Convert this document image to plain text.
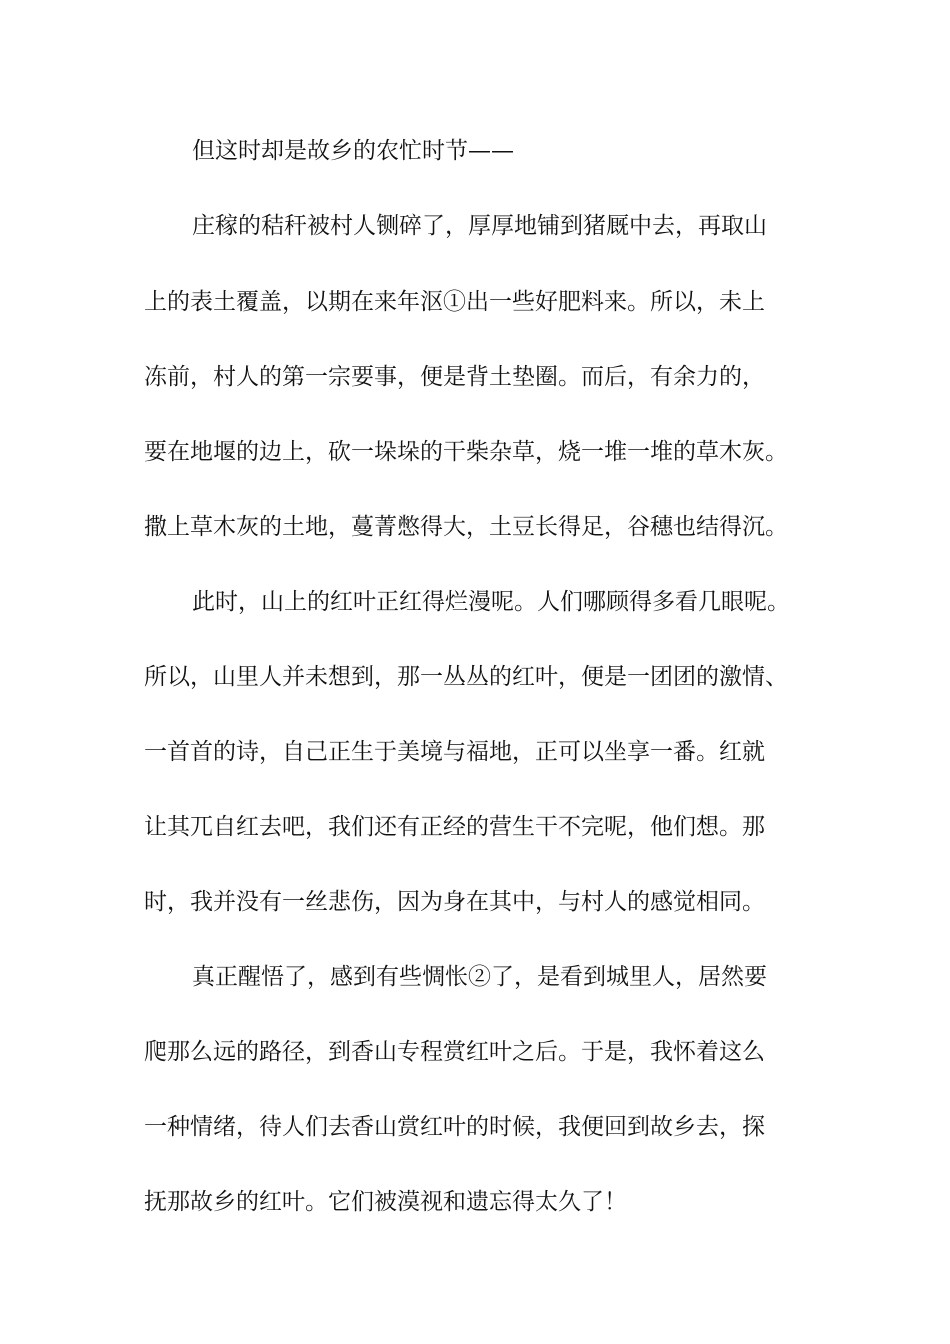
但这时却是故乡的农忙时节——
庄稼的秸秆被村人铡碎了，厚厚地铺到猪厩中去，再取山
上的表土覆盖，以期在来年沤①出一些好肥料来。所以，未上
冻前，村人的第一宗要事，便是背土垫圈。而后，有余力的，
要在地堰的边上，砍一垛垛的干柴杂草，烧一堆一堆的草木灰。
撒上草木灰的土地，蔓菁憋得大，土豆长得足，谷穗也结得沉。
此时，山上的红叶正红得烂漫呢。人们哪顾得多看几眼呢。
所以，山里人并未想到，那一丛丛的红叶，便是一团团的激情、
一首首的诗，自己正生于美境与福地，正可以坐享一番。红就
让其兀自红去吧，我们还有正经的营生干不完呢，他们想。那
时，我并没有一丝悲伤，因为身在其中，与村人的感觉相同。
真正醒悟了，感到有些惆怅②了，是看到城里人，居然要
爬那么远的路径，到香山专程赏红叶之后。于是，我怀着这么
一种情绪，待人们去香山赏红叶的时候，我便回到故乡去，探
抚那故乡的红叶。它们被漠视和遗忘得太久了！
